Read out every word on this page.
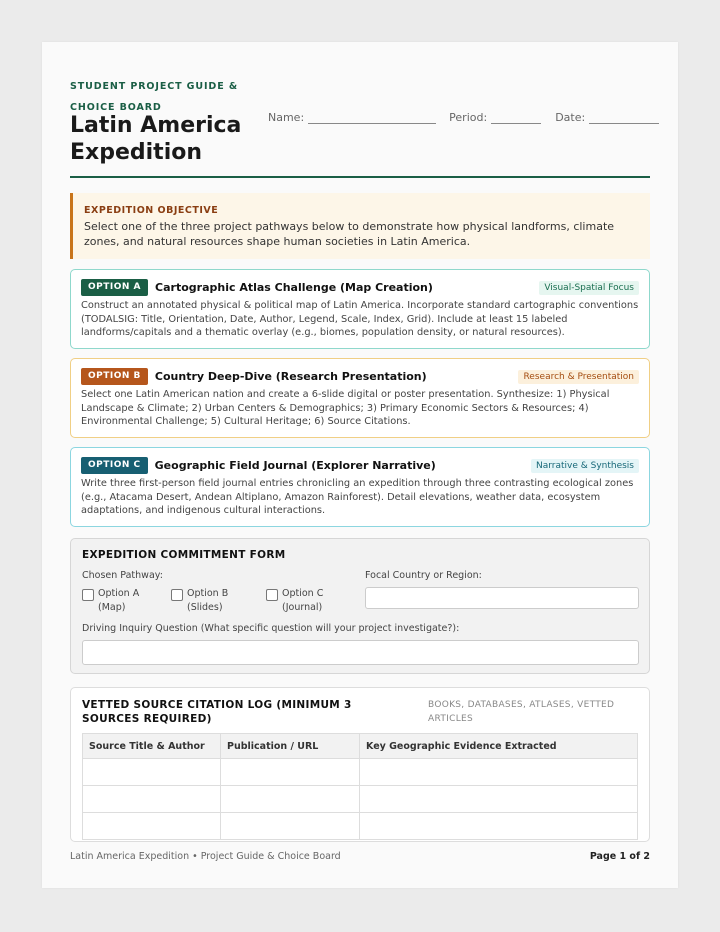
STUDENT PROJECT GUIDE & CHOICE BOARD
Latin America Expedition
Name:	Period:	Date:
EXPEDITION OBJECTIVE
Select one of the three project pathways below to demonstrate how physical landforms, climate zones, and natural resources shape human societies in Latin America.
OPTION A	Cartographic Atlas Challenge (Map Creation)	Visual-Spatial Focus
Construct an annotated physical & political map of Latin America. Incorporate standard cartographic conventions (TODALSIG: Title, Orientation, Date, Author, Legend, Scale, Index, Grid). Include at least 15 labeled landforms/capitals and a thematic overlay (e.g., biomes, population density, or natural resources).
OPTION B	Country Deep-Dive (Research Presentation)	Research & Presentation
Select one Latin American nation and create a 6-slide digital or poster presentation. Synthesize: 1) Physical Landscape & Climate; 2) Urban Centers & Demographics; 3) Primary Economic Sectors & Resources; 4) Environmental Challenge; 5) Cultural Heritage; 6) Source Citations.
OPTION C	Geographic Field Journal (Explorer Narrative)	Narrative & Synthesis
Write three first-person field journal entries chronicling an expedition through three contrasting ecological zones (e.g., Atacama Desert, Andean Altiplano, Amazon Rainforest). Detail elevations, weather data, ecosystem adaptations, and indigenous cultural interactions.
EXPEDITION COMMITMENT FORM
Chosen Pathway:
Option A
(Map)
Option B
(Slides)
Option C
(Journal)
Focal Country or Region:
Driving Inquiry Question (What specific question will your project investigate?):
VETTED SOURCE CITATION LOG (MINIMUM 3 SOURCES REQUIRED)
BOOKS, DATABASES, ATLASES, VETTED ARTICLES
Source Title & Author	Publication / URL	Key Geographic Evidence Extracted

Latin America Expedition • Project Guide & Choice Board	Page 1 of 2
